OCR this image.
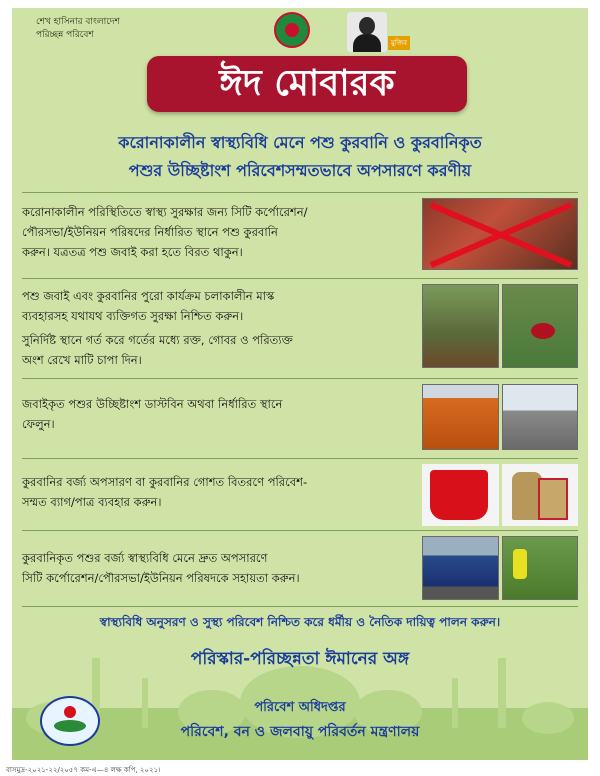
শেখ হাসিনার বাংলাদেশ
পরিচ্ছন্ন পরিবেশ
মুজিব
ঈদ মোবারক
করোনাকালীন স্বাস্থ্যবিধি মেনে পশু কুরবানি ও কুরবানিকৃত
পশুর উচ্ছিষ্টাংশ পরিবেশসম্মতভাবে অপসারণে করণীয়
করোনাকালীন পরিস্থিতিতে স্বাস্থ্য সুরক্ষার জন্য সিটি কর্পোরেশন/
পৌরসভা/ইউনিয়ন পরিষদের নির্ধারিত স্থানে পশু কুরবানি
করুন। যত্রতত্র পশু জবাই করা হতে বিরত থাকুন।
পশু জবাই এবং কুরবানির পুরো কার্যক্রম চলাকালীন মাস্ক
ব্যবহারসহ যথাযথ ব্যক্তিগত সুরক্ষা নিশ্চিত করুন।
সুনির্দিষ্ট স্থানে গর্ত করে গর্তের মধ্যে রক্ত, গোবর ও পরিত্যক্ত
অংশ রেখে মাটি চাপা দিন।
জবাইকৃত পশুর উচ্ছিষ্টাংশ ডাস্টবিন অথবা নির্ধারিত স্থানে
ফেলুন।
কুরবানির বর্জ্য অপসারণ বা কুরবানির গোশত বিতরণে পরিবেশ-
সম্মত ব্যাগ/পাত্র ব্যবহার করুন।
কুরবানিকৃত পশুর বর্জ্য স্বাস্থ্যবিধি মেনে দ্রুত অপসারণে
সিটি কর্পোরেশন/পৌরসভা/ইউনিয়ন পরিষদকে সহায়তা করুন।
স্বাস্থ্যবিধি অনুসরণ ও সুস্থ্য পরিবেশ নিশ্চিত করে ধর্মীয় ও নৈতিক দায়িত্ব পালন করুন।
পরিস্কার-পরিচ্ছন্নতা ঈমানের অঙ্গ
পরিবেশ অধিদপ্তর
পরিবেশ, বন ও জলবায়ু পরিবর্তন মন্ত্রণালয়
বাসমুদ্র-২০২১-২২/২০৫৭ কম-এ—৪ লক্ষ কপি, ২০২১।
